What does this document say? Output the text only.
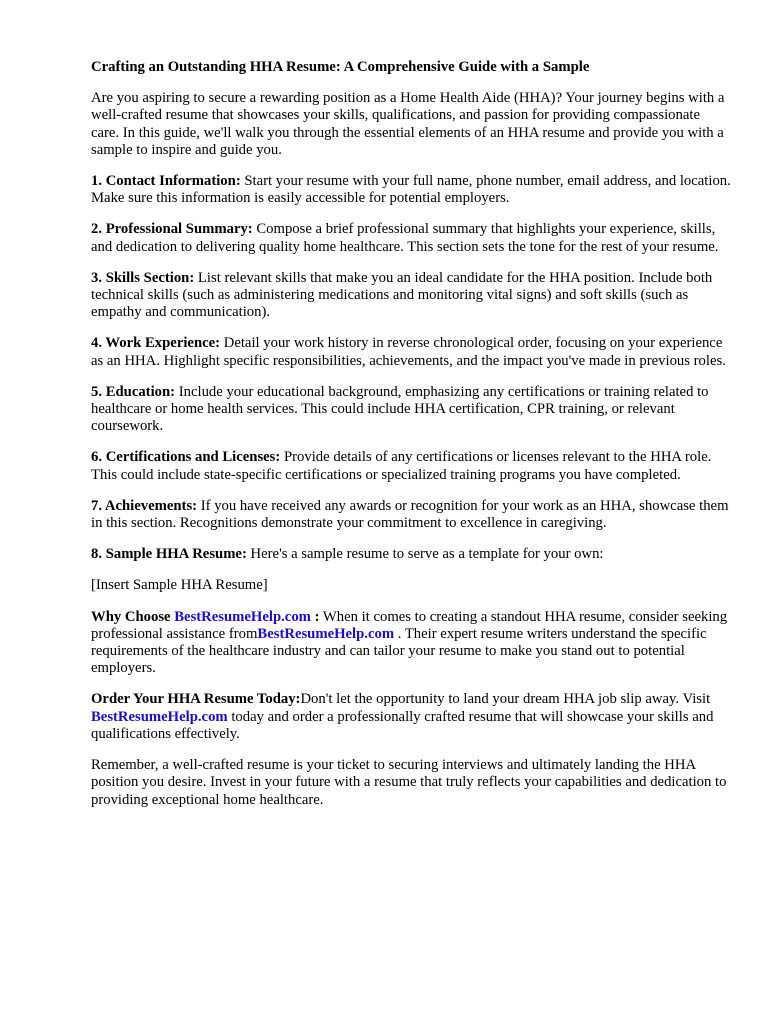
Crafting an Outstanding HHA Resume: A Comprehensive Guide with a Sample

Are you aspiring to secure a rewarding position as a Home Health Aide (HHA)? Your journey begins with a well-crafted resume that showcases your skills, qualifications, and passion for providing compassionate care. In this guide, we'll walk you through the essential elements of an HHA resume and provide you with a sample to inspire and guide you.

1. Contact Information: Start your resume with your full name, phone number, email address, and location. Make sure this information is easily accessible for potential employers.

2. Professional Summary: Compose a brief professional summary that highlights your experience, skills, and dedication to delivering quality home healthcare. This section sets the tone for the rest of your resume.

3. Skills Section: List relevant skills that make you an ideal candidate for the HHA position. Include both technical skills (such as administering medications and monitoring vital signs) and soft skills (such as empathy and communication).

4. Work Experience: Detail your work history in reverse chronological order, focusing on your experience as an HHA. Highlight specific responsibilities, achievements, and the impact you've made in previous roles.

5. Education: Include your educational background, emphasizing any certifications or training related to healthcare or home health services. This could include HHA certification, CPR training, or relevant coursework.

6. Certifications and Licenses: Provide details of any certifications or licenses relevant to the HHA role. This could include state-specific certifications or specialized training programs you have completed.

7. Achievements: If you have received any awards or recognition for your work as an HHA, showcase them in this section. Recognitions demonstrate your commitment to excellence in caregiving.

8. Sample HHA Resume: Here's a sample resume to serve as a template for your own:

[Insert Sample HHA Resume]

Why Choose BestResumeHelp.com : When it comes to creating a standout HHA resume, consider seeking professional assistance fromBestResumeHelp.com . Their expert resume writers understand the specific requirements of the healthcare industry and can tailor your resume to make you stand out to potential employers.

Order Your HHA Resume Today:Don't let the opportunity to land your dream HHA job slip away. Visit BestResumeHelp.com today and order a professionally crafted resume that will showcase your skills and qualifications effectively.

Remember, a well-crafted resume is your ticket to securing interviews and ultimately landing the HHA position you desire. Invest in your future with a resume that truly reflects your capabilities and dedication to providing exceptional home healthcare.
